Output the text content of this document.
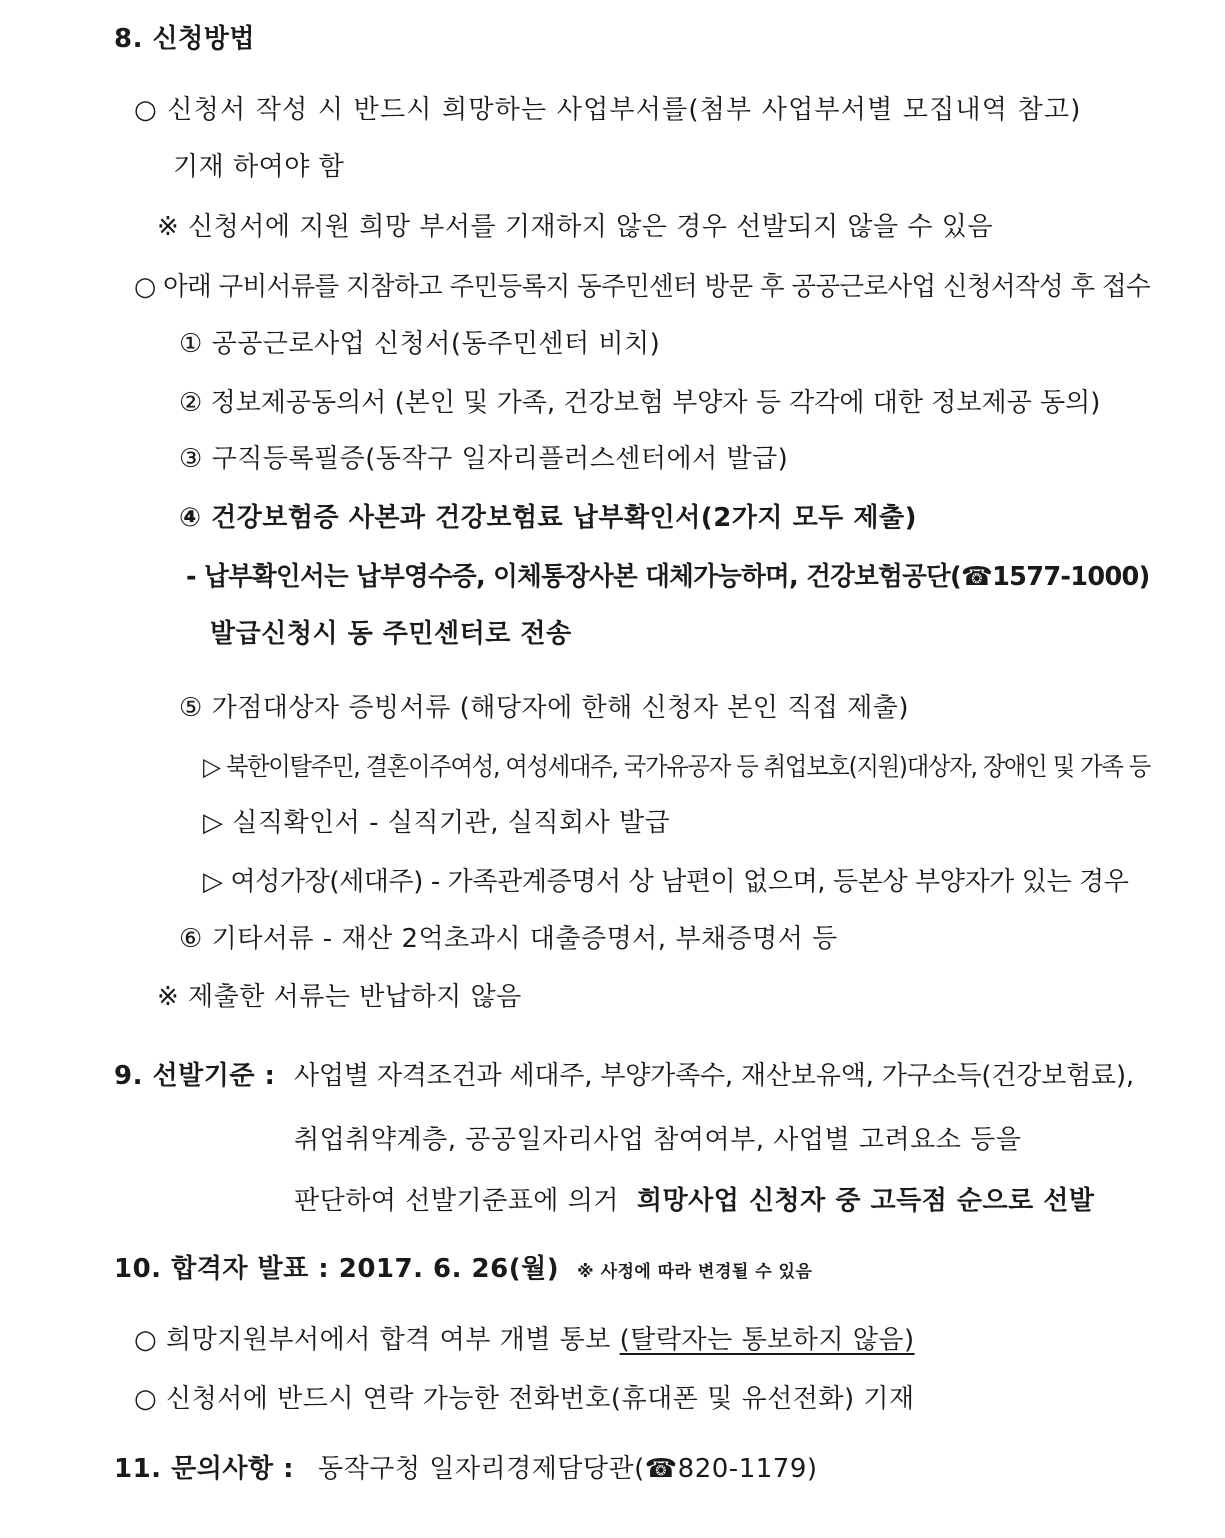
8. 신청방법
○ 신청서 작성 시 반드시 희망하는 사업부서를(첨부 사업부서별 모집내역 참고)
기재 하여야 함
※ 신청서에 지원 희망 부서를 기재하지 않은 경우 선발되지 않을 수 있음
○ 아래 구비서류를 지참하고 주민등록지 동주민센터 방문 후 공공근로사업 신청서작성 후 접수
① 공공근로사업 신청서(동주민센터 비치)
② 정보제공동의서 (본인 및 가족, 건강보험 부양자 등 각각에 대한 정보제공 동의)
③ 구직등록필증(동작구 일자리플러스센터에서 발급)
④ 건강보험증 사본과 건강보험료 납부확인서(2가지 모두 제출)
- 납부확인서는 납부영수증, 이체통장사본 대체가능하며, 건강보험공단(☎1577-1000)
발급신청시 동 주민센터로 전송
⑤ 가점대상자 증빙서류 (해당자에 한해 신청자 본인 직접 제출)
▷ 북한이탈주민, 결혼이주여성, 여성세대주, 국가유공자 등 취업보호(지원)대상자, 장애인 및 가족 등
▷ 실직확인서 - 실직기관, 실직회사 발급
▷ 여성가장(세대주) - 가족관계증명서 상 남편이 없으며, 등본상 부양자가 있는 경우
⑥ 기타서류 - 재산 2억초과시 대출증명서, 부채증명서 등
※ 제출한 서류는 반납하지 않음
9. 선발기준 : 사업별 자격조건과 세대주, 부양가족수, 재산보유액, 가구소득(건강보험료),
취업취약계층, 공공일자리사업 참여여부, 사업별 고려요소 등을
판단하여 선발기준표에 의거 희망사업 신청자 중 고득점 순으로 선발
10. 합격자 발표 : 2017. 6. 26(월) ※ 사정에 따라 변경될 수 있음
○ 희망지원부서에서 합격 여부 개별 통보 (탈락자는 통보하지 않음)
○ 신청서에 반드시 연락 가능한 전화번호(휴대폰 및 유선전화) 기재
11. 문의사항 : 동작구청 일자리경제담당관(☎820-1179)
